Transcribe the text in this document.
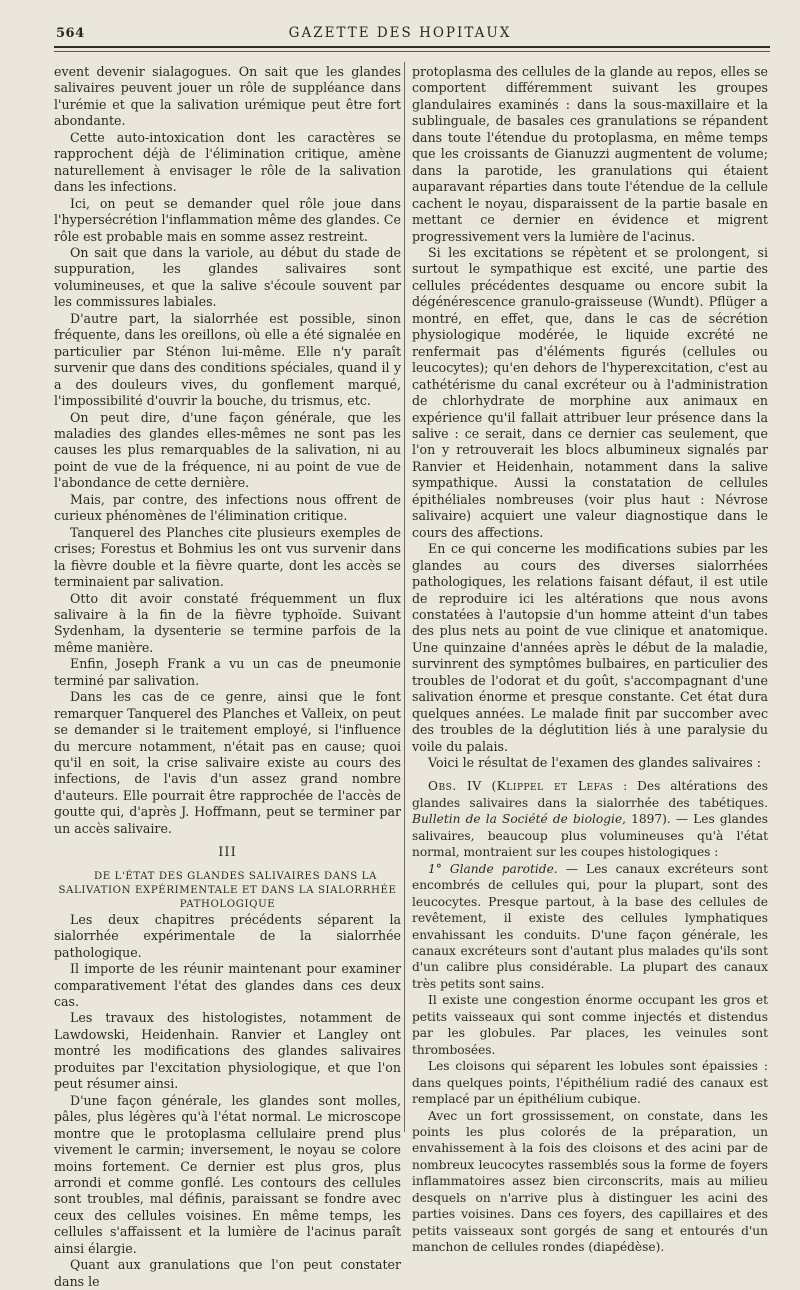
564	GAZETTE DES HOPITAUX

event devenir sialagogues. On sait que les glandes salivaires peuvent jouer un rôle de suppléance dans l'urémie et que la salivation urémique peut être fort abondante.

Cette auto-intoxication dont les caractères se rapprochent déjà de l'élimination critique, amène naturellement à envisager le rôle de la salivation dans les infections.

Ici, on peut se demander quel rôle joue dans l'hypersécrétion l'inflammation même des glandes. Ce rôle est probable mais en somme assez restreint.

On sait que dans la variole, au début du stade de suppuration, les glandes salivaires sont volumineuses, et que la salive s'écoule souvent par les commissures labiales.

D'autre part, la sialorrhée est possible, sinon fréquente, dans les oreillons, où elle a été signalée en particulier par Sténon lui-même. Elle n'y paraît survenir que dans des conditions spéciales, quand il y a des douleurs vives, du gonflement marqué, l'impossibilité d'ouvrir la bouche, du trismus, etc.

On peut dire, d'une façon générale, que les maladies des glandes elles-mêmes ne sont pas les causes les plus remarquables de la salivation, ni au point de vue de la fréquence, ni au point de vue de l'abondance de cette dernière.

Mais, par contre, des infections nous offrent de curieux phénomènes de l'élimination critique.

Tanquerel des Planches cite plusieurs exemples de crises; Forestus et Bohmius les ont vus survenir dans la fièvre double et la fièvre quarte, dont les accès se terminaient par salivation.

Otto dit avoir constaté fréquemment un flux salivaire à la fin de la fièvre typhoïde. Suivant Sydenham, la dysenterie se termine parfois de la même manière.

Enfin, Joseph Frank a vu un cas de pneumonie terminé par salivation.

Dans les cas de ce genre, ainsi que le font remarquer Tanquerel des Planches et Valleix, on peut se demander si le traitement employé, si l'influence du mercure notamment, n'était pas en cause; quoi qu'il en soit, la crise salivaire existe au cours des infections, de l'avis d'un assez grand nombre d'auteurs. Elle pourrait être rapprochée de l'accès de goutte qui, d'après J. Hoffmann, peut se terminer par un accès salivaire.

III

DE L'ÉTAT DES GLANDES SALIVAIRES DANS LA SALIVATION EXPÉRIMENTALE ET DANS LA SIALORRHÉE PATHOLOGIQUE

Les deux chapitres précédents séparent la sialorrhée expérimentale de la sialorrhée pathologique.

Il importe de les réunir maintenant pour examiner comparativement l'état des glandes dans ces deux cas.

Les travaux des histologistes, notamment de Lawdowski, Heidenhain. Ranvier et Langley ont montré les modifications des glandes salivaires produites par l'excitation physiologique, et que l'on peut résumer ainsi.

D'une façon générale, les glandes sont molles, pâles, plus légères qu'à l'état normal. Le microscope montre que le protoplasma cellulaire prend plus vivement le carmin; inversement, le noyau se colore moins fortement. Ce dernier est plus gros, plus arrondi et comme gonflé. Les contours des cellules sont troubles, mal définis, paraissant se fondre avec ceux des cellules voisines. En même temps, les cellules s'affaissent et la lumière de l'acinus paraît ainsi élargie.

Quant aux granulations que l'on peut constater dans le

protoplasma des cellules de la glande au repos, elles se comportent différemment suivant les groupes glandulaires examinés : dans la sous-maxillaire et la sublinguale, de basales ces granulations se répandent dans toute l'étendue du protoplasma, en même temps que les croissants de Gianuzzi augmentent de volume; dans la parotide, les granulations qui étaient auparavant réparties dans toute l'étendue de la cellule cachent le noyau, disparaissent de la partie basale en mettant ce dernier en évidence et migrent progressivement vers la lumière de l'acinus.

Si les excitations se répètent et se prolongent, si surtout le sympathique est excité, une partie des cellules précédentes desquame ou encore subit la dégénérescence granulo-graisseuse (Wundt). Pflüger a montré, en effet, que, dans le cas de sécrétion physiologique modérée, le liquide excrété ne renfermait pas d'éléments figurés (cellules ou leucocytes); qu'en dehors de l'hyperexcitation, c'est au cathétérisme du canal excréteur ou à l'administration de chlorhydrate de morphine aux animaux en expérience qu'il fallait attribuer leur présence dans la salive : ce serait, dans ce dernier cas seulement, que l'on y retrouverait les blocs albumineux signalés par Ranvier et Heidenhain, notamment dans la salive sympathique. Aussi la constatation de cellules épithéliales nombreuses (voir plus haut : Névrose salivaire) acquiert une valeur diagnostique dans le cours des affections.

En ce qui concerne les modifications subies par les glandes au cours des diverses sialorrhées pathologiques, les relations faisant défaut, il est utile de reproduire ici les altérations que nous avons constatées à l'autopsie d'un homme atteint d'un tabes des plus nets au point de vue clinique et anatomique. Une quinzaine d'années après le début de la maladie, survinrent des symptômes bulbaires, en particulier des troubles de l'odorat et du goût, s'accompagnant d'une salivation énorme et presque constante. Cet état dura quelques années. Le malade finit par succomber avec des troubles de la déglutition liés à une paralysie du voile du palais.

Voici le résultat de l'examen des glandes salivaires :

Obs. IV (Klippel et Lefas : Des altérations des glandes salivaires dans la sialorrhée des tabétiques. Bulletin de la Société de biologie, 1897). — Les glandes salivaires, beaucoup plus volumineuses qu'à l'état normal, montraient sur les coupes histologiques :

1° Glande parotide. — Les canaux excréteurs sont encombrés de cellules qui, pour la plupart, sont des leucocytes. Presque partout, à la base des cellules de revêtement, il existe des cellules lymphatiques envahissant les conduits. D'une façon générale, les canaux excréteurs sont d'autant plus malades qu'ils sont d'un calibre plus considérable. La plupart des canaux très petits sont sains.

Il existe une congestion énorme occupant les gros et petits vaisseaux qui sont comme injectés et distendus par les globules. Par places, les veinules sont thrombosées.

Les cloisons qui séparent les lobules sont épaissies : dans quelques points, l'épithélium radié des canaux est remplacé par un épithélium cubique.

Avec un fort grossissement, on constate, dans les points les plus colorés de la préparation, un envahissement à la fois des cloisons et des acini par de nombreux leucocytes rassemblés sous la forme de foyers inflammatoires assez bien circonscrits, mais au milieu desquels on n'arrive plus à distinguer les acini des parties voisines. Dans ces foyers, des capillaires et des petits vaisseaux sont gorgés de sang et entourés d'un manchon de cellules rondes (diapédèse).
